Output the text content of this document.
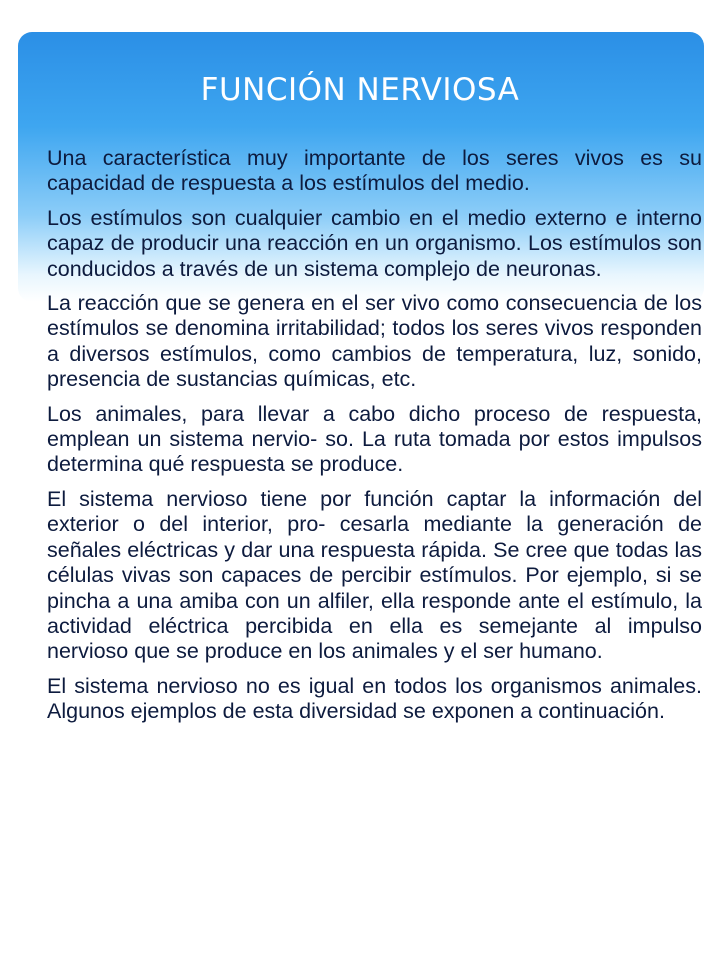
FUNCIÓN NERVIOSA

Una característica muy importante de los seres vivos es su capacidad de respuesta a los estímulos del medio.

Los estímulos son cualquier cambio en el medio externo e interno capaz de producir una reacción en un organismo. Los estímulos son conducidos a través de un sistema complejo de neuronas.

La reacción que se genera en el ser vivo como consecuencia de los estímulos se denomina irritabilidad; todos los seres vivos responden a diversos estímulos, como cambios de temperatura, luz, sonido, presencia de sustancias químicas, etc.

Los animales, para llevar a cabo dicho proceso de respuesta, emplean un sistema nervio- so. La ruta tomada por estos impulsos determina qué respuesta se produce.

El sistema nervioso tiene por función captar la información del exterior o del interior, pro- cesarla mediante la generación de señales eléctricas y dar una respuesta rápida. Se cree que todas las células vivas son capaces de percibir estímulos. Por ejemplo, si se pincha a una amiba con un alfiler, ella responde ante el estímulo, la actividad eléctrica percibida en ella es semejante al impulso nervioso que se produce en los animales y el ser humano.

El sistema nervioso no es igual en todos los organismos animales. Algunos ejemplos de esta diversidad se exponen a continuación.
